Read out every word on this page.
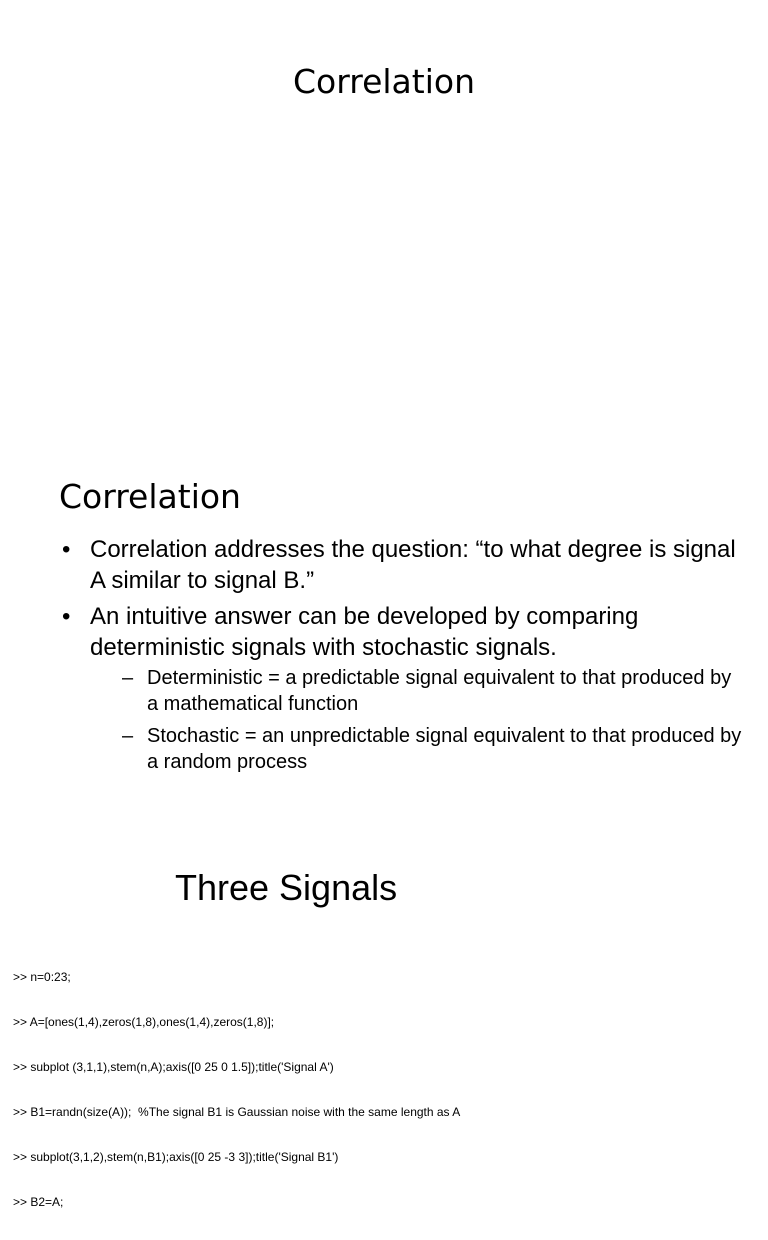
Correlation
Correlation
• Correlation addresses the question: “to what degree is signal A similar to signal B.”
• An intuitive answer can be developed by comparing deterministic signals with stochastic signals.
– Deterministic = a predictable signal equivalent to that produced by a mathematical function
– Stochastic = an unpredictable signal equivalent to that produced by a random process
Three Signals

>> n=0:23;

>> A=[ones(1,4),zeros(1,8),ones(1,4),zeros(1,8)];

>> subplot (3,1,1),stem(n,A);axis([0 25 0 1.5]);title('Signal A')

>> B1=randn(size(A));  %The signal B1 is Gaussian noise with the same length as A

>> subplot(3,1,2),stem(n,B1);axis([0 25 -3 3]);title('Signal B1')

>> B2=A;
